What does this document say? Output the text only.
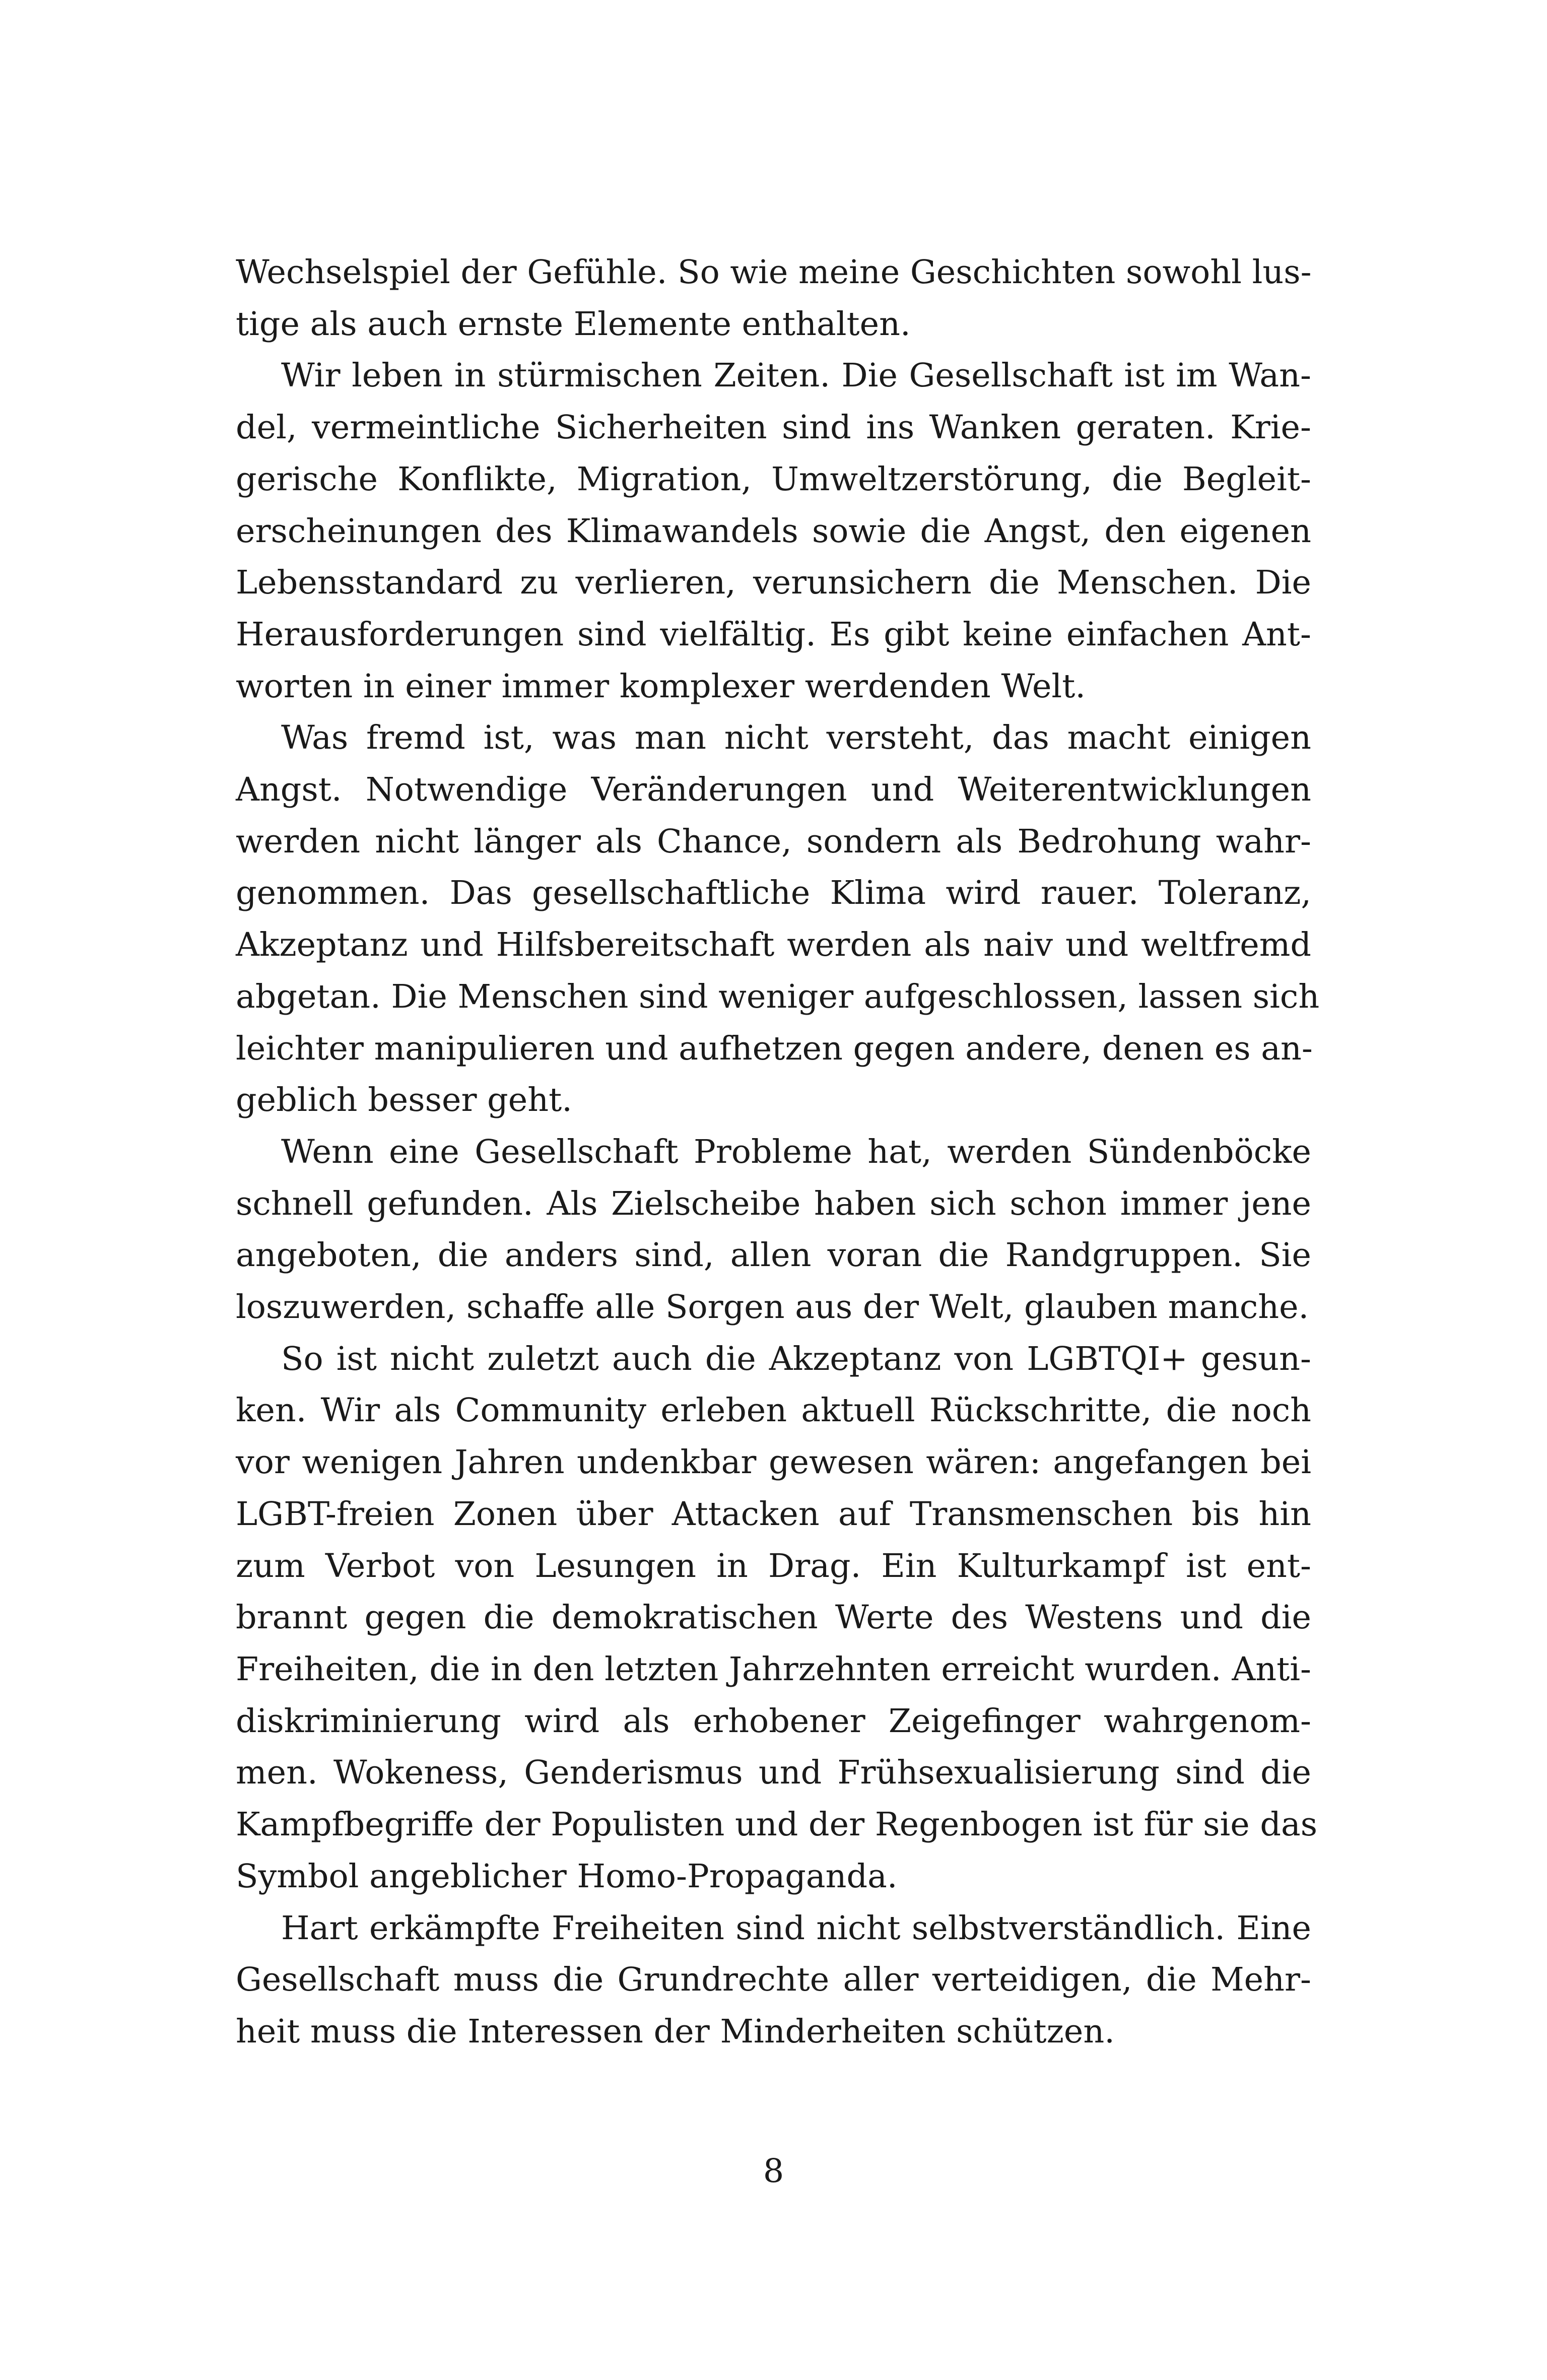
Wechselspiel der Gefühle. So wie meine Geschichten sowohl lus-
tige als auch ernste Elemente enthalten.

Wir leben in stürmischen Zeiten. Die Gesellschaft ist im Wan-
del, vermeintliche Sicherheiten sind ins Wanken geraten. Krie-
gerische Konflikte, Migration, Umweltzerstörung, die Begleit-
erscheinungen des Klimawandels sowie die Angst, den eigenen
Lebensstandard zu verlieren, verunsichern die Menschen. Die
Herausforderungen sind vielfältig. Es gibt keine einfachen Ant-
worten in einer immer komplexer werdenden Welt.

Was fremd ist, was man nicht versteht, das macht einigen
Angst. Notwendige Veränderungen und Weiterentwicklungen
werden nicht länger als Chance, sondern als Bedrohung wahr-
genommen. Das gesellschaftliche Klima wird rauer. Toleranz,
Akzeptanz und Hilfsbereitschaft werden als naiv und weltfremd
abgetan. Die Menschen sind weniger aufgeschlossen, lassen sich
leichter manipulieren und aufhetzen gegen andere, denen es an-
geblich besser geht.

Wenn eine Gesellschaft Probleme hat, werden Sündenböcke
schnell gefunden. Als Zielscheibe haben sich schon immer jene
angeboten, die anders sind, allen voran die Randgruppen. Sie
loszuwerden, schaffe alle Sorgen aus der Welt, glauben manche.

So ist nicht zuletzt auch die Akzeptanz von LGBTQI+ gesun-
ken. Wir als Community erleben aktuell Rückschritte, die noch
vor wenigen Jahren undenkbar gewesen wären: angefangen bei
LGBT-freien Zonen über Attacken auf Transmenschen bis hin
zum Verbot von Lesungen in Drag. Ein Kulturkampf ist ent-
brannt gegen die demokratischen Werte des Westens und die
Freiheiten, die in den letzten Jahrzehnten erreicht wurden. Anti-
diskriminierung wird als erhobener Zeigefinger wahrgenom-
men. Wokeness, Genderismus und Frühsexualisierung sind die
Kampfbegriffe der Populisten und der Regenbogen ist für sie das
Symbol angeblicher Homo-Propaganda.

Hart erkämpfte Freiheiten sind nicht selbstverständlich. Eine
Gesellschaft muss die Grundrechte aller verteidigen, die Mehr-
heit muss die Interessen der Minderheiten schützen.

8
